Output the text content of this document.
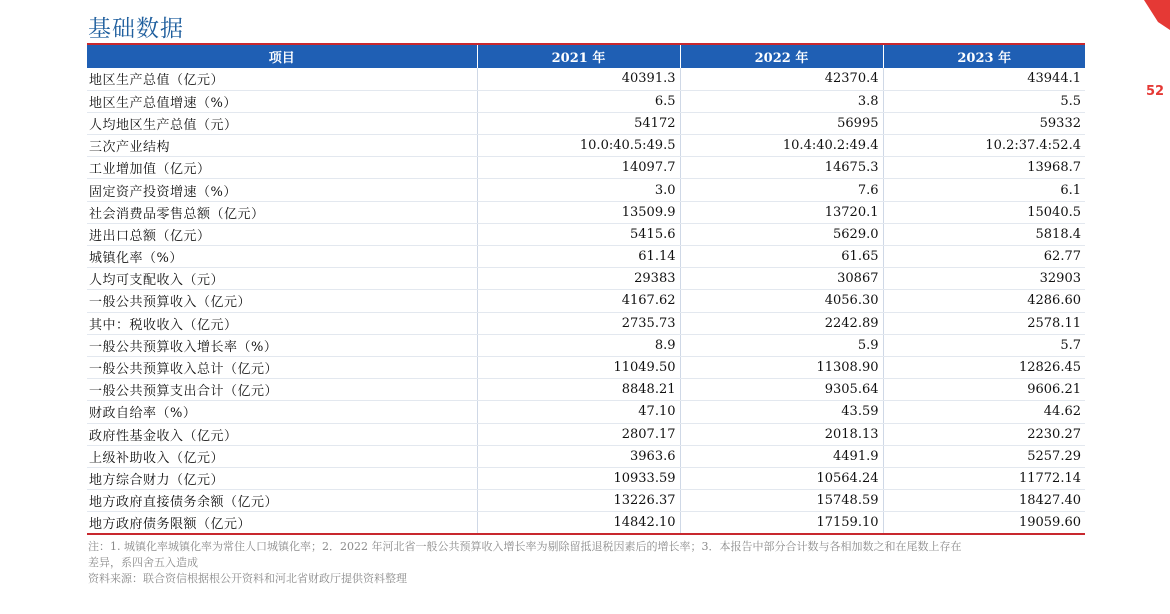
基础数据
项目	2021 年	2022 年	2023 年
地区生产总值（亿元）	40391.3	42370.4	43944.1
地区生产总值增速（%）	6.5	3.8	5.5
人均地区生产总值（元）	54172	56995	59332
三次产业结构	10.0:40.5:49.5	10.4:40.2:49.4	10.2:37.4:52.4
工业增加值（亿元）	14097.7	14675.3	13968.7
固定资产投资增速（%）	3.0	7.6	6.1
社会消费品零售总额（亿元）	13509.9	13720.1	15040.5
进出口总额（亿元）	5415.6	5629.0	5818.4
城镇化率（%）	61.14	61.65	62.77
人均可支配收入（元）	29383	30867	32903
一般公共预算收入（亿元）	4167.62	4056.30	4286.60
其中：税收收入（亿元）	2735.73	2242.89	2578.11
一般公共预算收入增长率（%）	8.9	5.9	5.7
一般公共预算收入总计（亿元）	11049.50	11308.90	12826.45
一般公共预算支出合计（亿元）	8848.21	9305.64	9606.21
财政自给率（%）	47.10	43.59	44.62
政府性基金收入（亿元）	2807.17	2018.13	2230.27
上级补助收入（亿元）	3963.6	4491.9	5257.29
地方综合财力（亿元）	10933.59	10564.24	11772.14
地方政府直接债务余额（亿元）	13226.37	15748.59	18427.40
地方政府债务限额（亿元）	14842.10	17159.10	19059.60
注：1. 城镇化率城镇化率为常住人口城镇化率；2．2022 年河北省一般公共预算收入增长率为剔除留抵退税因素后的增长率；3．本报告中部分合计数与各相加数之和在尾数上存在
差异，系四舍五入造成
资料来源：联合资信根据根公开资料和河北省财政厅提供资料整理
52
